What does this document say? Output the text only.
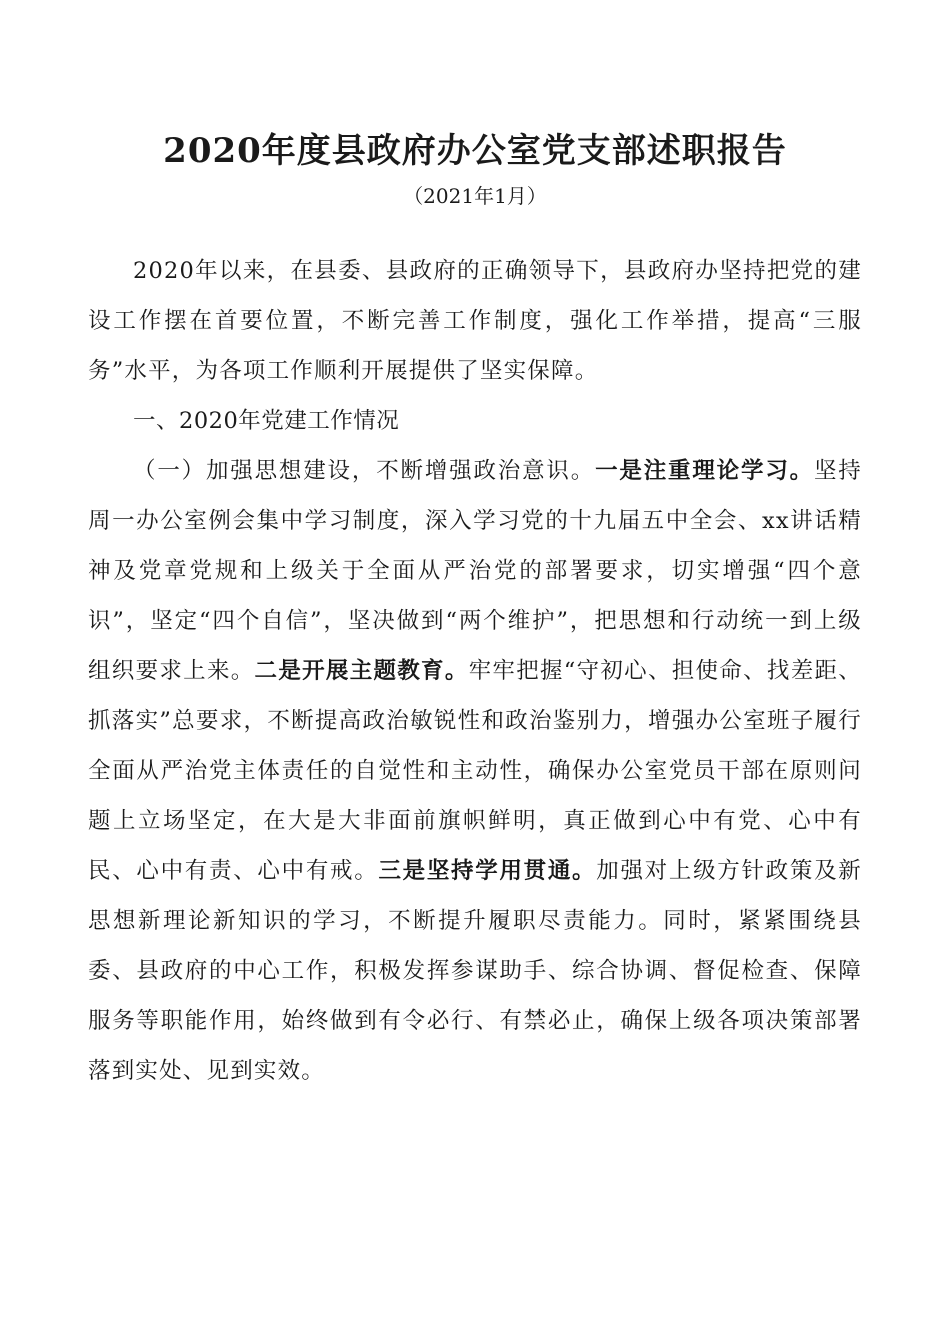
2020年度县政府办公室党支部述职报告
（2021年1月）

2020年以来，在县委、县政府的正确领导下，县政府办坚持把党的建设工作摆在首要位置，不断完善工作制度，强化工作举措，提高“三服务”水平，为各项工作顺利开展提供了坚实保障。

一、2020年党建工作情况

（一）加强思想建设，不断增强政治意识。一是注重理论学习。坚持周一办公室例会集中学习制度，深入学习党的十九届五中全会、xx讲话精神及党章党规和上级关于全面从严治党的部署要求，切实增强“四个意识”，坚定“四个自信”，坚决做到“两个维护”，把思想和行动统一到上级组织要求上来。二是开展主题教育。牢牢把握“守初心、担使命、找差距、抓落实”总要求，不断提高政治敏锐性和政治鉴别力，增强办公室班子履行全面从严治党主体责任的自觉性和主动性，确保办公室党员干部在原则问题上立场坚定，在大是大非面前旗帜鲜明，真正做到心中有党、心中有民、心中有责、心中有戒。三是坚持学用贯通。加强对上级方针政策及新思想新理论新知识的学习，不断提升履职尽责能力。同时，紧紧围绕县委、县政府的中心工作，积极发挥参谋助手、综合协调、督促检查、保障服务等职能作用，始终做到有令必行、有禁必止，确保上级各项决策部署落到实处、见到实效。
